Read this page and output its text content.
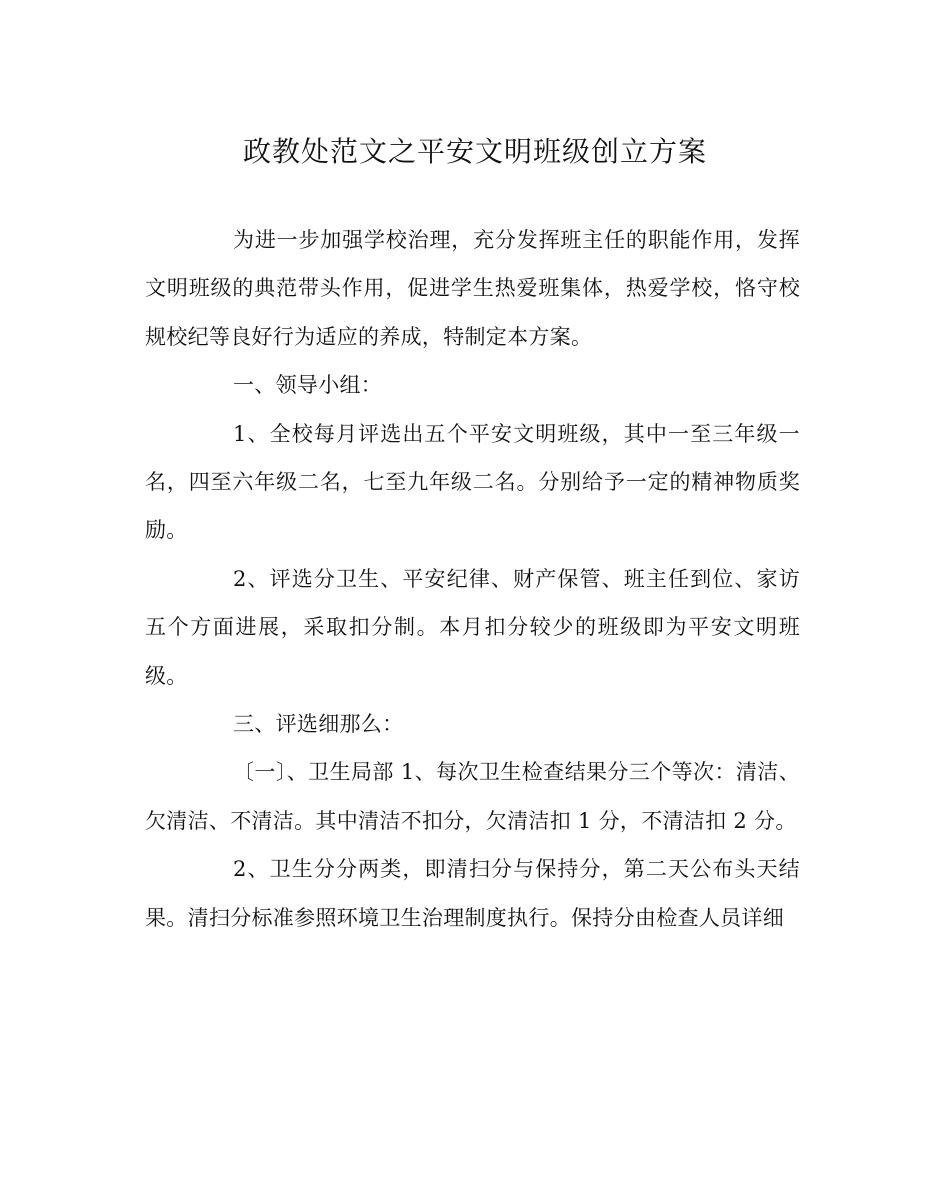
政教处范文之平安文明班级创立方案

为进一步加强学校治理，充分发挥班主任的职能作用，发挥文明班级的典范带头作用，促进学生热爱班集体，热爱学校，恪守校规校纪等良好行为适应的养成，特制定本方案。

一、领导小组：

1、全校每月评选出五个平安文明班级，其中一至三年级一名，四至六年级二名，七至九年级二名。分别给予一定的精神物质奖励。

2、评选分卫生、平安纪律、财产保管、班主任到位、家访五个方面进展，采取扣分制。本月扣分较少的班级即为平安文明班级。

三、评选细那么：

〔一〕、卫生局部 1、每次卫生检查结果分三个等次：清洁、欠清洁、不清洁。其中清洁不扣分，欠清洁扣 1 分，不清洁扣 2 分。

2、卫生分分两类，即清扫分与保持分，第二天公布头天结果。清扫分标准参照环境卫生治理制度执行。保持分由检查人员详细
